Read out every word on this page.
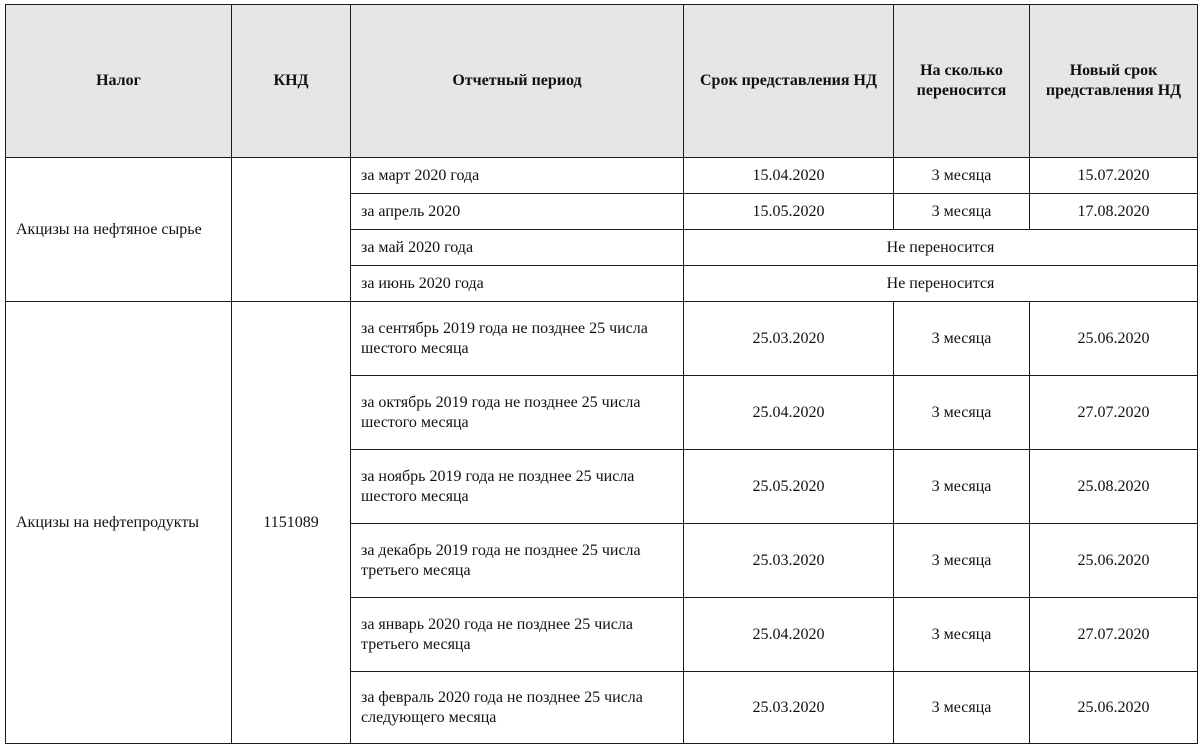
Налог	КНД	Отчетный период	Срок представления НД	На сколько переносится	Новый срок представления НД
Акцизы на нефтяное сырье		за март 2020 года	15.04.2020	3 месяца	15.07.2020
		за апрель 2020	15.05.2020	3 месяца	17.08.2020
		за май 2020 года	Не переносится		
		за июнь 2020 года	Не переносится		
Акцизы на нефтепродукты	1151089	за сентябрь 2019 года не позднее 25 числа шестого месяца	25.03.2020	3 месяца	25.06.2020
		за октябрь 2019 года не позднее 25 числа шестого месяца	25.04.2020	3 месяца	27.07.2020
		за ноябрь 2019 года не позднее 25 числа шестого месяца	25.05.2020	3 месяца	25.08.2020
		за декабрь 2019 года не позднее 25 числа третьего месяца	25.03.2020	3 месяца	25.06.2020
		за январь 2020 года не позднее 25 числа третьего месяца	25.04.2020	3 месяца	27.07.2020
		за февраль 2020 года не позднее 25 числа следующего месяца	25.03.2020	3 месяца	25.06.2020
